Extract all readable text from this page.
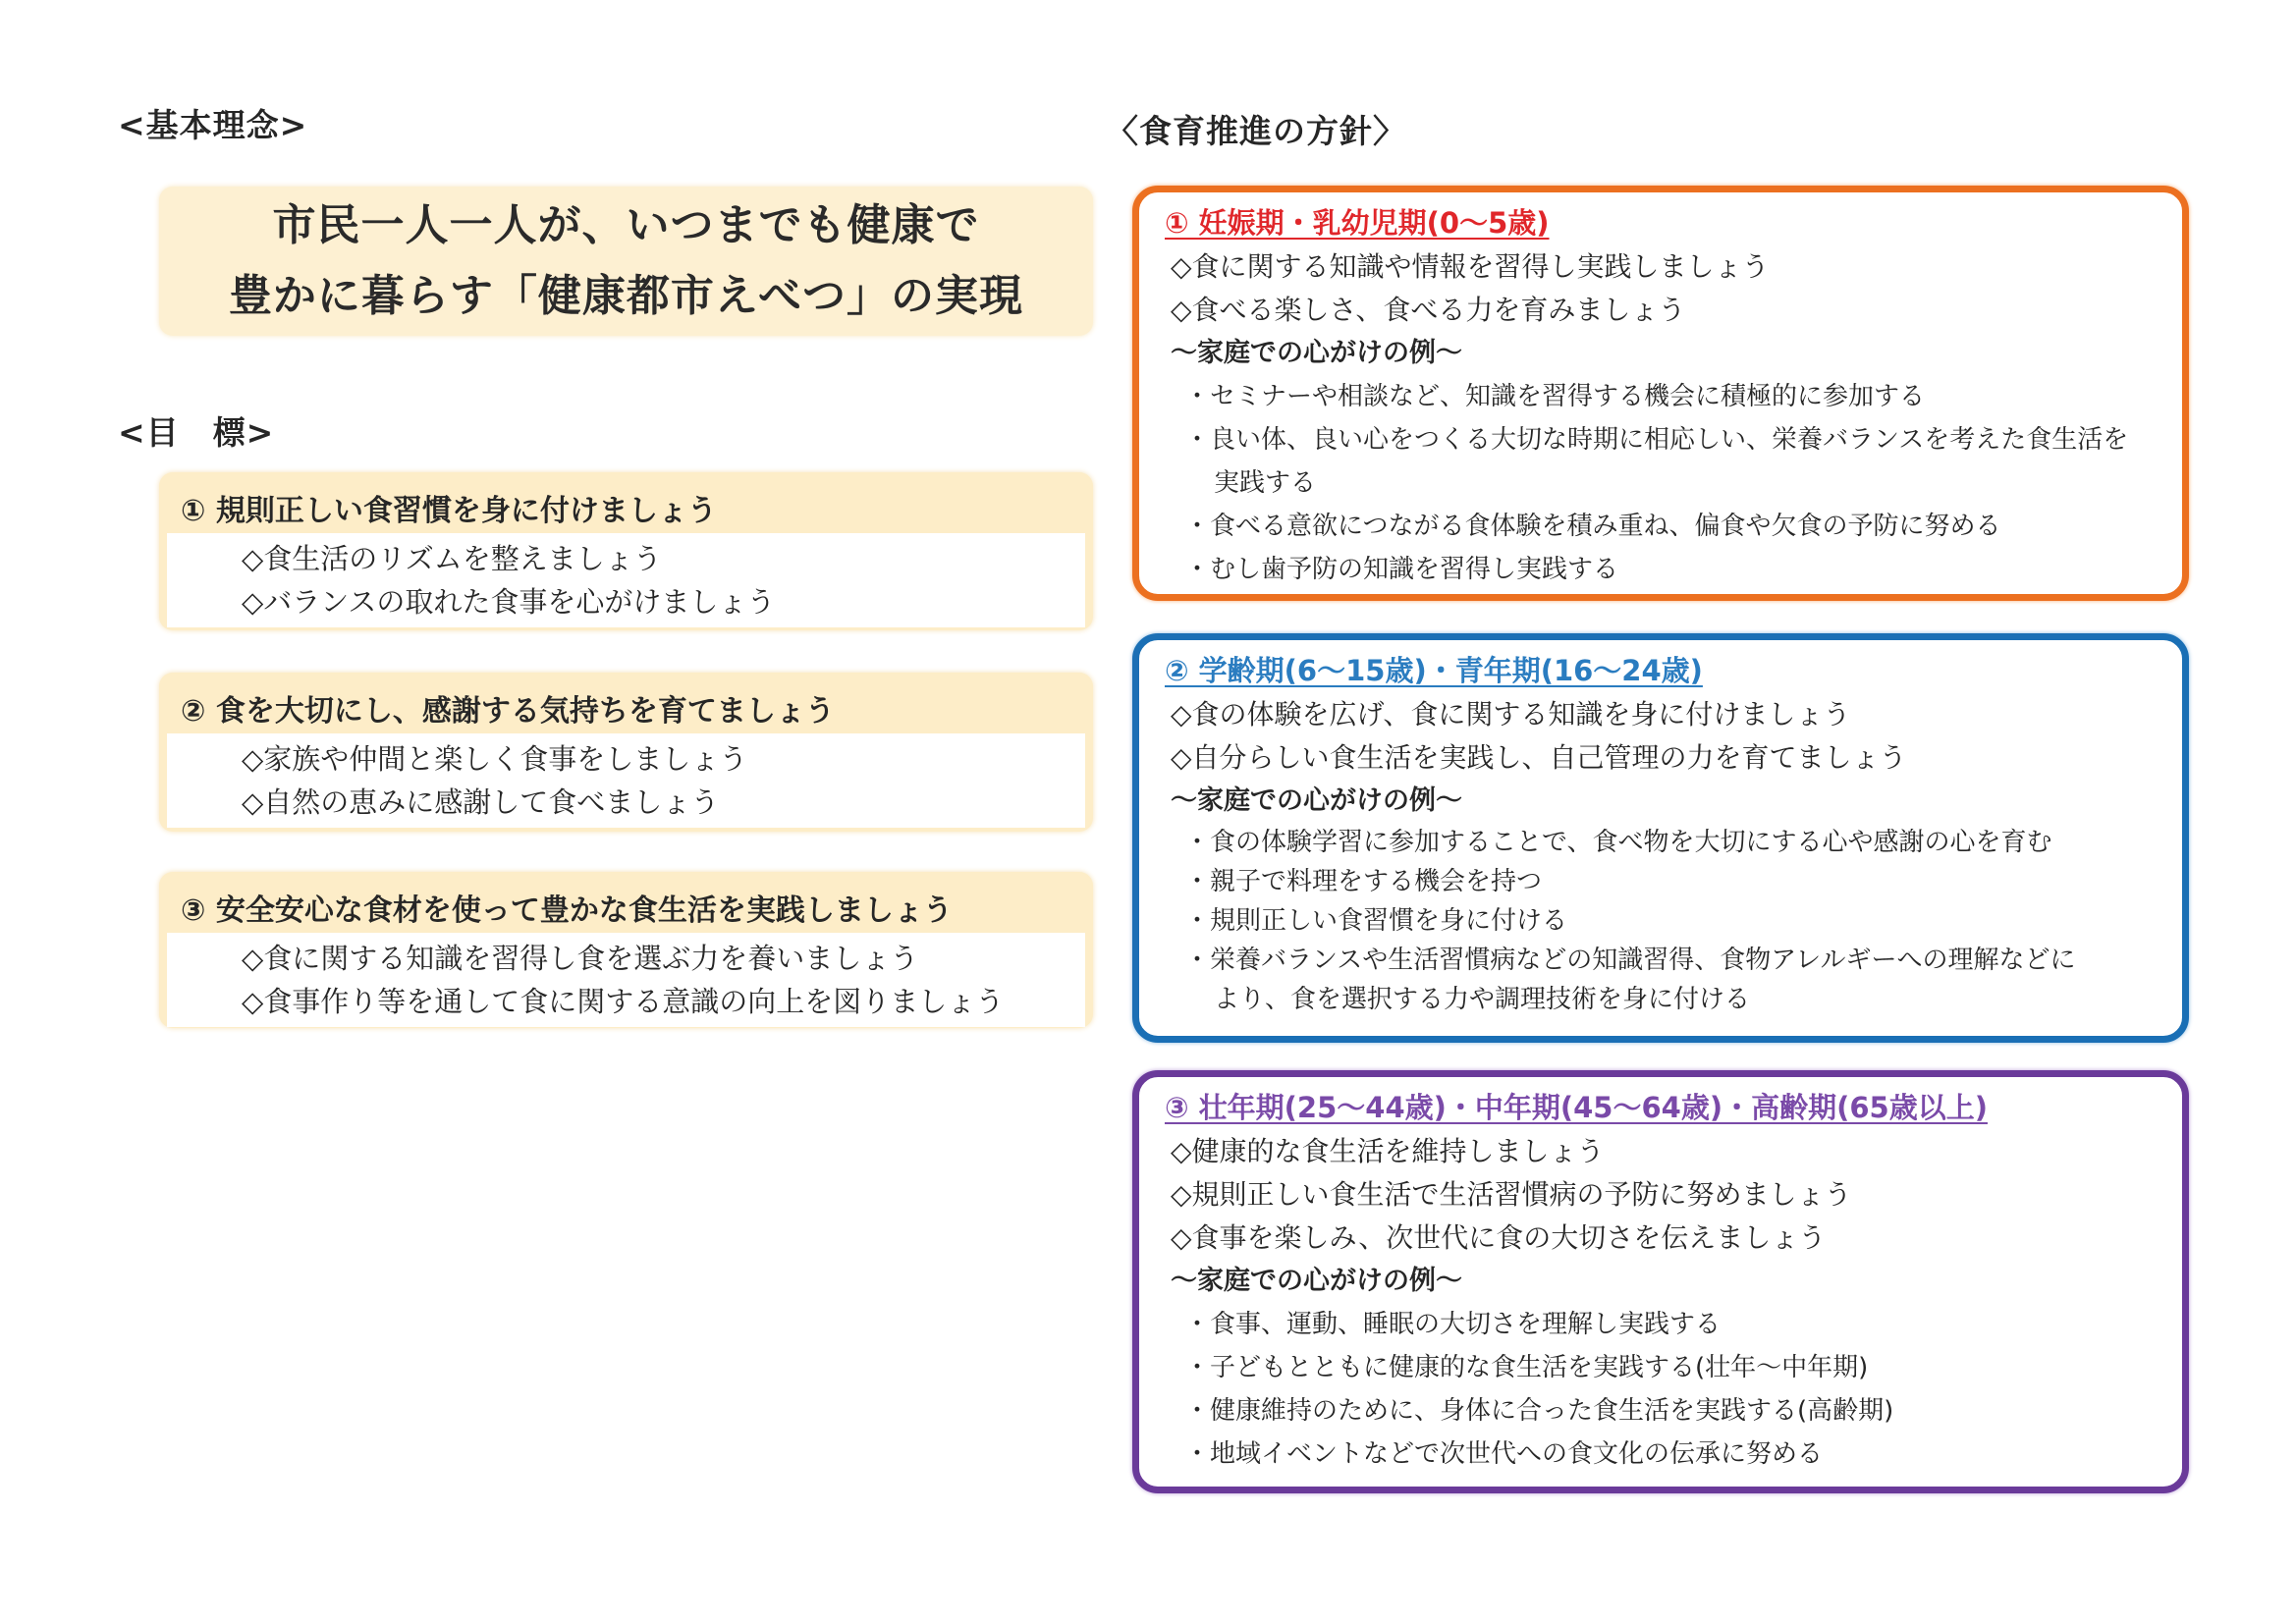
<基本理念>
市民一人一人が、いつまでも健康で
豊かに暮らす「健康都市えべつ」の実現
<目　標>
① 規則正しい食習慣を身に付けましょう
◇食生活のリズムを整えましょう
◇バランスの取れた食事を心がけましょう
② 食を大切にし、感謝する気持ちを育てましょう
◇家族や仲間と楽しく食事をしましょう
◇自然の恵みに感謝して食べましょう
③ 安全安心な食材を使って豊かな食生活を実践しましょう
◇食に関する知識を習得し食を選ぶ力を養いましょう
◇食事作り等を通して食に関する意識の向上を図りましょう
〈食育推進の方針〉
① 妊娠期・乳幼児期(0～5歳)
◇食に関する知識や情報を習得し実践しましょう
◇食べる楽しさ、食べる力を育みましょう
～家庭での心がけの例～
・セミナーや相談など、知識を習得する機会に積極的に参加する
・良い体、良い心をつくる大切な時期に相応しい、栄養バランスを考えた食生活を
実践する
・食べる意欲につながる食体験を積み重ね、偏食や欠食の予防に努める
・むし歯予防の知識を習得し実践する
② 学齢期(6～15歳)・青年期(16～24歳)
◇食の体験を広げ、食に関する知識を身に付けましょう
◇自分らしい食生活を実践し、自己管理の力を育てましょう
～家庭での心がけの例～
・食の体験学習に参加することで、食べ物を大切にする心や感謝の心を育む
・親子で料理をする機会を持つ
・規則正しい食習慣を身に付ける
・栄養バランスや生活習慣病などの知識習得、食物アレルギーへの理解などに
より、食を選択する力や調理技術を身に付ける
③ 壮年期(25～44歳)・中年期(45～64歳)・高齢期(65歳以上)
◇健康的な食生活を維持しましょう
◇規則正しい食生活で生活習慣病の予防に努めましょう
◇食事を楽しみ、次世代に食の大切さを伝えましょう
～家庭での心がけの例～
・食事、運動、睡眠の大切さを理解し実践する
・子どもとともに健康的な食生活を実践する(壮年～中年期)
・健康維持のために、身体に合った食生活を実践する(高齢期)
・地域イベントなどで次世代への食文化の伝承に努める
